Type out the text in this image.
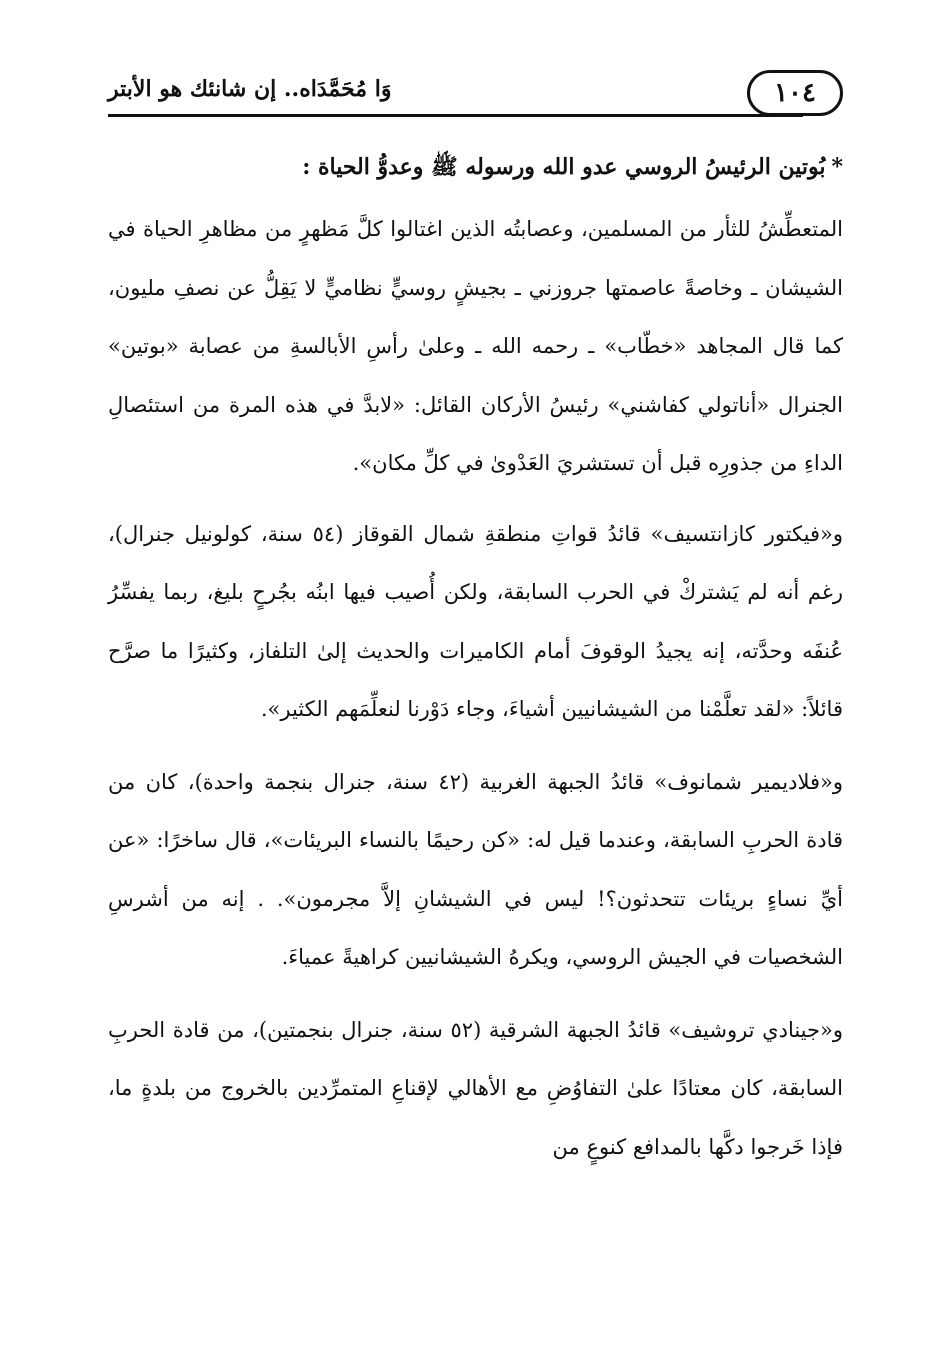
١٠٤
وَا مُحَمَّدَاه.. إن شانئك هو الأبتر
*بُوتين الرئيسُ الروسي عدو الله ورسوله ﷺ وعدوُّ الحياة :

المتعطِّشُ للثأر من المسلمين، وعصابتُه الذين اغتالوا كلَّ مَظهرٍ من مظاهرِ الحياة في الشيشان ـ وخاصةً عاصمتها جروزني ـ بجيشٍ روسيٍّ نظاميٍّ لا يَقِلُّ عن نصفِ مليون، كما قال المجاهد «خطّاب» ـ رحمه الله ـ وعلىٰ رأسِ الأبالسةِ من عصابة «بوتين» الجنرال «أناتولي كفاشني» رئيسُ الأركان القائل: «لابدَّ في هذه المرة من استئصالِ الداءِ من جذورِه قبل أن تستشريَ العَدْوىٰ في كلِّ مكان».

و«فيكتور كازانتسيف» قائدُ قواتِ منطقةِ شمال القوقاز (٥٤ سنة، كولونيل جنرال)، رغم أنه لم يَشتركْ في الحرب السابقة، ولكن أُصيب فيها ابنُه بجُرحٍ بليغ، ربما يفسِّرُ عُنفَه وحدَّته، إنه يجيدُ الوقوفَ أمام الكاميرات والحديث إلىٰ التلفاز، وكثيرًا ما صرَّح قائلاً: «لقد تعلَّمْنا من الشيشانيين أشياءَ، وجاء دَوْرنا لنعلِّمَهم الكثير».

و«فلاديمير شمانوف» قائدُ الجبهة الغربية (٤٢ سنة، جنرال بنجمة واحدة)، كان من قادة الحربِ السابقة، وعندما قيل له: «كن رحيمًا بالنساء البريئات»، قال ساخرًا: «عن أيِّ نساءٍ بريئات تتحدثون؟! ليس في الشيشانِ إلاَّ مجرمون». . إنه من أشرسِ الشخصيات في الجيش الروسي، ويكرهُ الشيشانيين كراهيةً عمياءَ.

و«جينادي تروشيف» قائدُ الجبهة الشرقية (٥٢ سنة، جنرال بنجمتين)، من قادة الحربِ السابقة، كان معتادًا علىٰ التفاوُضِ مع الأهالي لإقناعِ المتمرِّدين بالخروج من بلدةٍ ما، فإذا خَرجوا دكَّها بالمدافع كنوعٍ من
